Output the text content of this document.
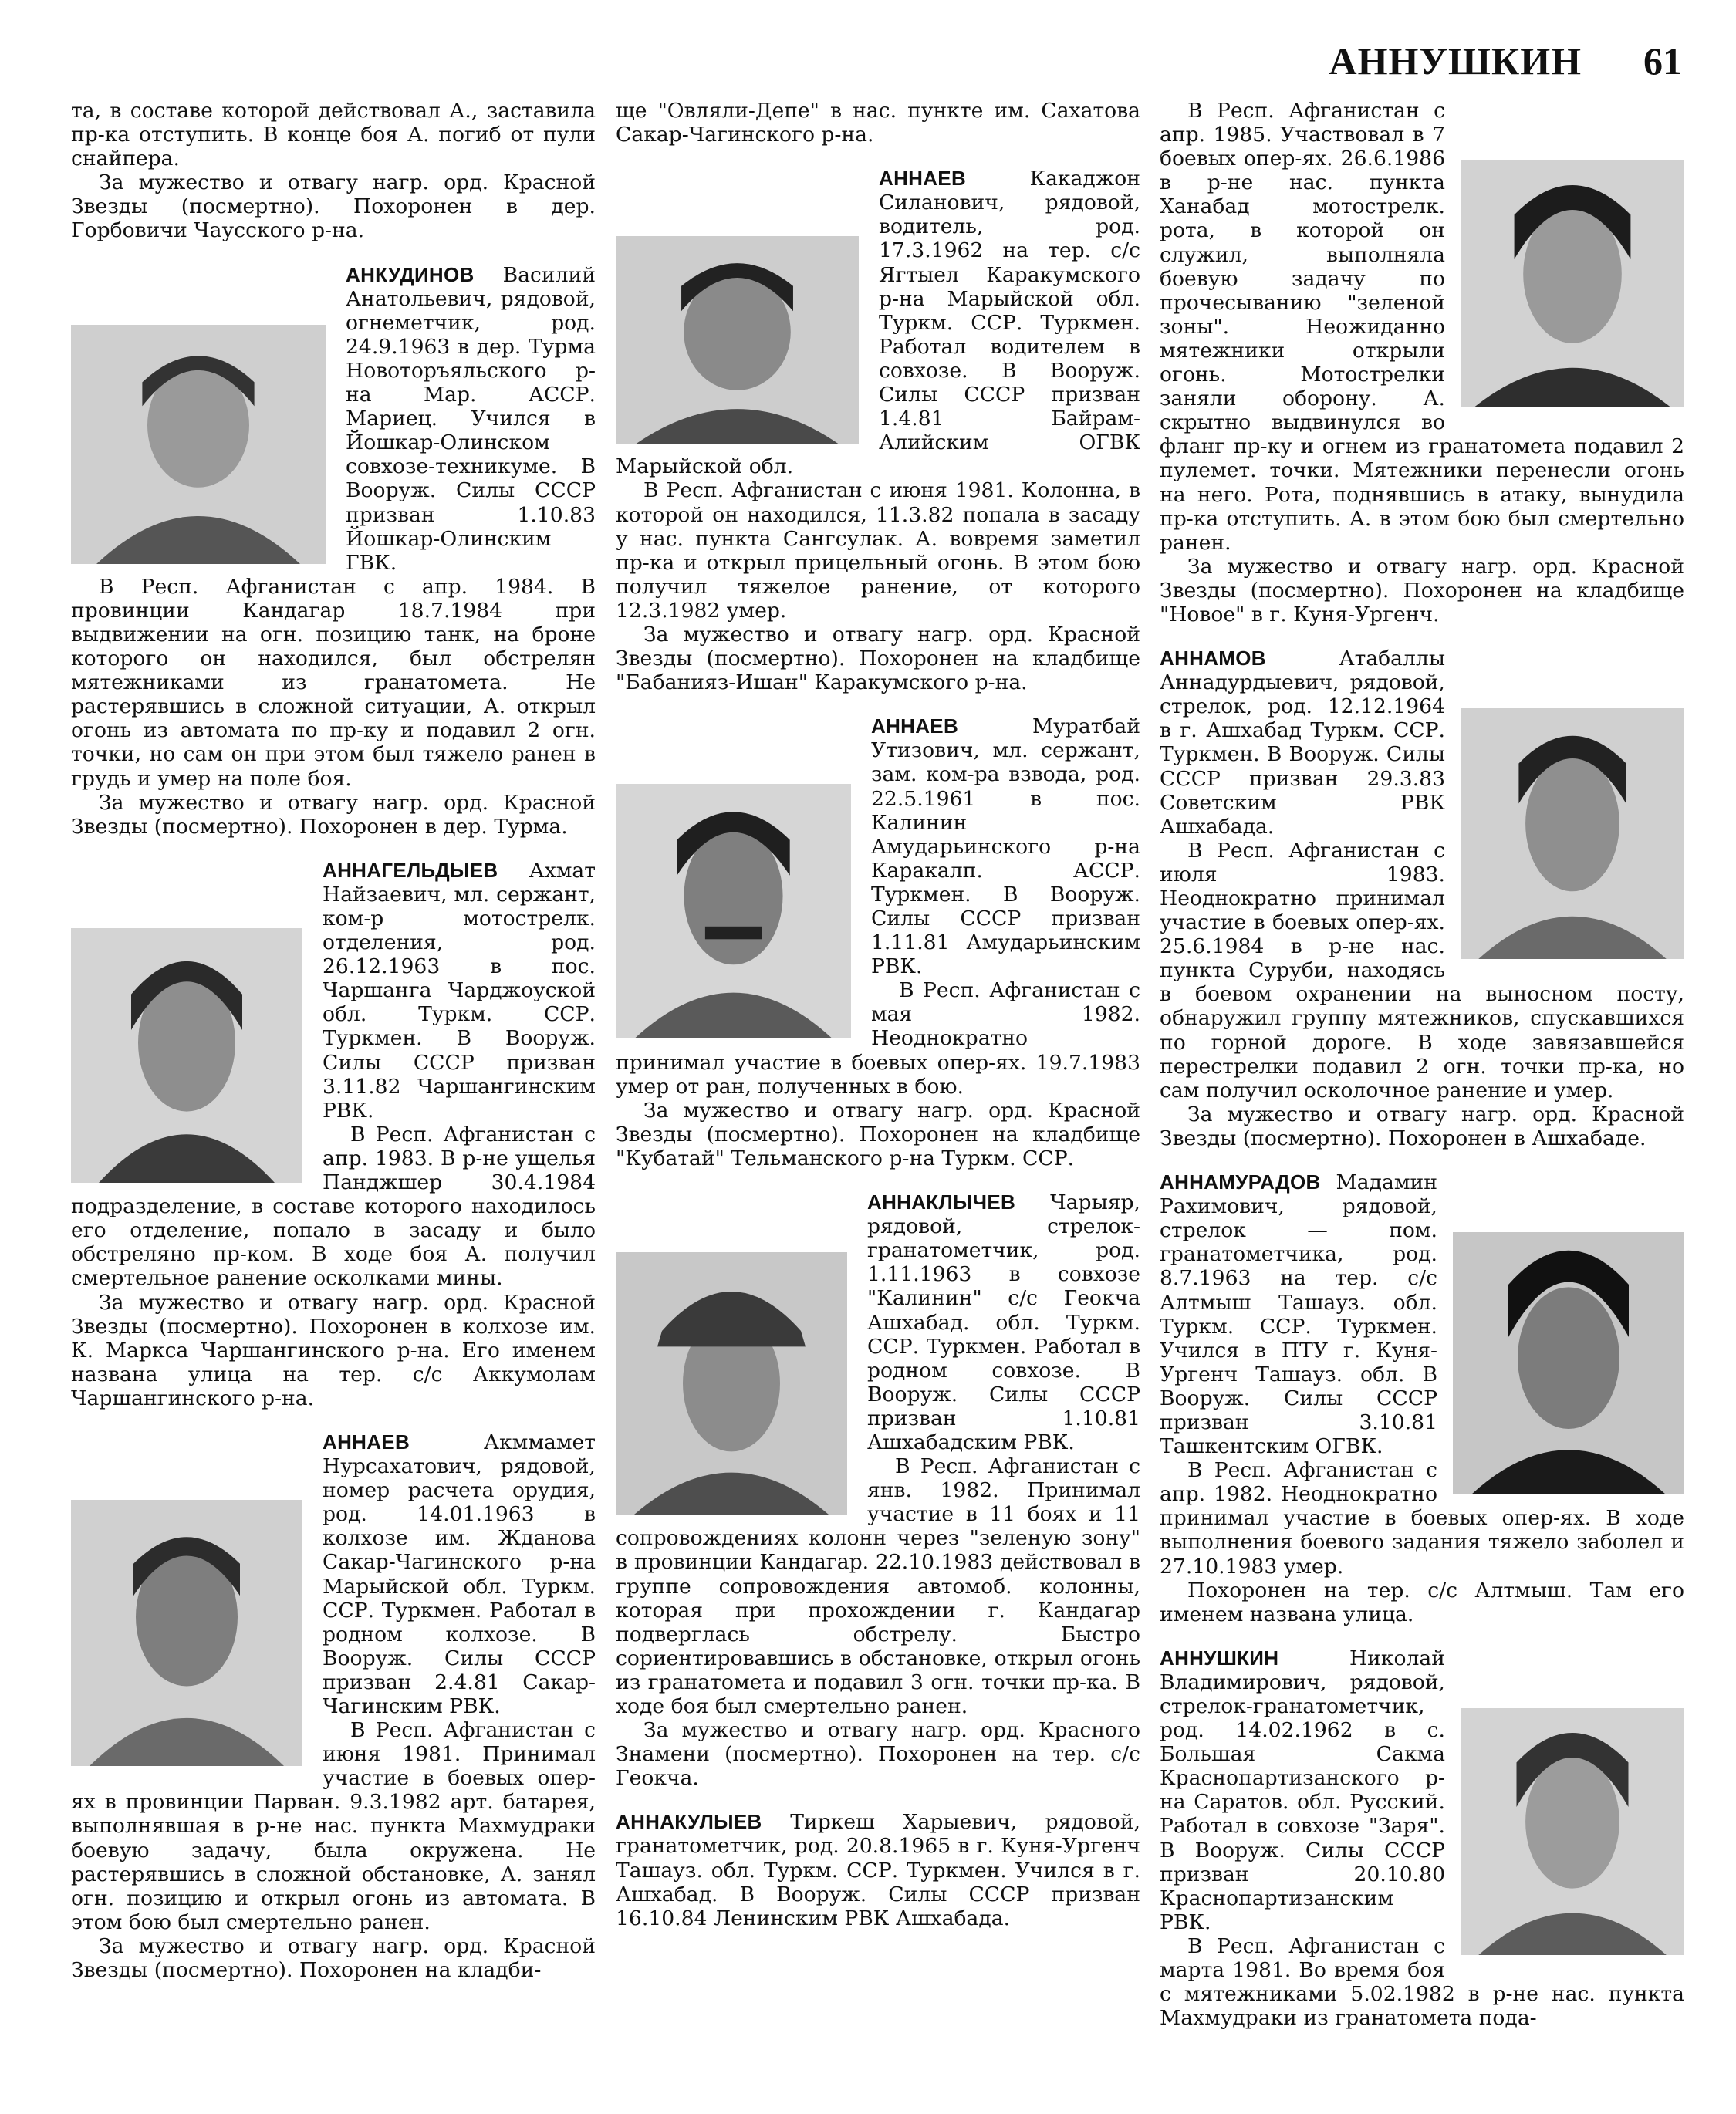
АННУШКИН 61

та, в составе которой действовал А., заставила пр-ка отступить. В конце боя А. погиб от пули снайпера.

За мужество и отвагу нагр. орд. Красной Звезды (посмертно). Похоронен в дер. Горбовичи Чаусского р-на.

АНКУДИНОВ Василий Анатольевич, рядовой, огнеметчик, род. 24.9.1963 в дер. Турма Новоторъяльского р-на Мар. АССР. Мариец. Учился в Йошкар-Олинском совхозе-техникуме. В Вооруж. Силы СССР призван 1.10.83 Йошкар-Олинским ГВК.

В Респ. Афганистан с апр. 1984. В провинции Кандагар 18.7.1984 при выдвижении на огн. позицию танк, на броне которого он находился, был обстрелян мятежниками из гранатомета. Не растерявшись в сложной ситуации, А. открыл огонь из автомата по пр-ку и подавил 2 огн. точки, но сам он при этом был тяжело ранен в грудь и умер на поле боя.

За мужество и отвагу нагр. орд. Красной Звезды (посмертно). Похоронен в дер. Турма.

АННАГЕЛЬДЫЕВ Ахмат Найзаевич, мл. сержант, ком-р мотострелк. отделения, род. 26.12.1963 в пос. Чаршанга Чарджоуской обл. Туркм. ССР. Туркмен. В Вооруж. Силы СССР призван 3.11.82 Чаршангинским РВК.

В Респ. Афганистан с апр. 1983. В р-не ущелья Панджшер 30.4.1984 подразделение, в составе которого находилось его отделение, попало в засаду и было обстреляно пр-ком. В ходе боя А. получил смертельное ранение осколками мины.

За мужество и отвагу нагр. орд. Красной Звезды (посмертно). Похоронен в колхозе им. К. Маркса Чаршангинского р-на. Его именем названа улица на тер. с/с Аккумолам Чаршангинского р-на.

АННАЕВ Акммамет Нурсахатович, рядовой, номер расчета орудия, род. 14.01.1963 в колхозе им. Жданова Сакар-Чагинского р-на Марыйской обл. Туркм. ССР. Туркмен. Работал в родном колхозе. В Вооруж. Силы СССР призван 2.4.81 Сакар-Чагинским РВК.

В Респ. Афганистан с июня 1981. Принимал участие в боевых опер-ях в провинции Парван. 9.3.1982 арт. батарея, выполнявшая в р-не нас. пункта Махмудраки боевую задачу, была окружена. Не растерявшись в сложной обстановке, А. занял огн. позицию и открыл огонь из автомата. В этом бою был смертельно ранен.

За мужество и отвагу нагр. орд. Красной Звезды (посмертно). Похоронен на кладби-

ще "Овляли-Депе" в нас. пункте им. Сахатова Сакар-Чагинского р-на.

АННАЕВ Какаджон Силанович, рядовой, водитель, род. 17.3.1962 на тер. с/с Ягтыел Каракумского р-на Марыйской обл. Туркм. ССР. Туркмен. Работал водителем в совхозе. В Вооруж. Силы СССР призван 1.4.81 Байрам-Алийским ОГВК Марыйской обл.

В Респ. Афганистан с июня 1981. Колонна, в которой он находился, 11.3.82 попала в засаду у нас. пункта Сангсулак. А. вовремя заметил пр-ка и открыл прицельный огонь. В этом бою получил тяжелое ранение, от которого 12.3.1982 умер.

За мужество и отвагу нагр. орд. Красной Звезды (посмертно). Похоронен на кладбище "Бабанияз-Ишан" Каракумского р-на.

АННАЕВ Муратбай Утизович, мл. сержант, зам. ком-ра взвода, род. 22.5.1961 в пос. Калинин Амударьинского р-на Каракалп. АССР. Туркмен. В Вооруж. Силы СССР призван 1.11.81 Амударьинским РВК.

В Респ. Афганистан с мая 1982. Неоднократно принимал участие в боевых опер-ях. 19.7.1983 умер от ран, полученных в бою.

За мужество и отвагу нагр. орд. Красной Звезды (посмертно). Похоронен на кладбище "Кубатай" Тельманского р-на Туркм. ССР.

АННАКЛЫЧЕВ Чарыяр, рядовой, стрелок-гранатометчик, род. 1.11.1963 в совхозе "Калинин" с/с Геокча Ашхабад. обл. Туркм. ССР. Туркмен. Работал в родном совхозе. В Вооруж. Силы СССР призван 1.10.81 Ашхабадским РВК.

В Респ. Афганистан с янв. 1982. Принимал участие в 11 боях и 11 сопровождениях колонн через "зеленую зону" в провинции Кандагар. 22.10.1983 действовал в группе сопровождения автомоб. колонны, которая при прохождении г. Кандагар подверглась обстрелу. Быстро сориентировавшись в обстановке, открыл огонь из гранатомета и подавил 3 огн. точки пр-ка. В ходе боя был смертельно ранен.

За мужество и отвагу нагр. орд. Красного Знамени (посмертно). Похоронен на тер. с/с Геокча.

АННАКУЛЫЕВ Тиркеш Харыевич, рядовой, гранатометчик, род. 20.8.1965 в г. Куня-Ургенч Ташауз. обл. Туркм. ССР. Туркмен. Учился в г. Ашхабад. В Вооруж. Силы СССР призван 16.10.84 Ленинским РВК Ашхабада.

В Респ. Афганистан с апр. 1985. Участвовал в 7 боевых опер-ях. 26.6.1986 в р-не нас. пункта Ханабад мотострелк. рота, в которой он служил, выполняла боевую задачу по прочесыванию "зеленой зоны". Неожиданно мятежники открыли огонь. Мотострелки заняли оборону. А. скрытно выдвинулся во фланг пр-ку и огнем из гранатомета подавил 2 пулемет. точки. Мятежники перенесли огонь на него. Рота, поднявшись в атаку, вынудила пр-ка отступить. А. в этом бою был смертельно ранен.

За мужество и отвагу нагр. орд. Красной Звезды (посмертно). Похоронен на кладбище "Новое" в г. Куня-Ургенч.

АННАМОВ Атабаллы Аннадурдыевич, рядовой, стрелок, род. 12.12.1964 в г. Ашхабад Туркм. ССР. Туркмен. В Вооруж. Силы СССР призван 29.3.83 Советским РВК Ашхабада.

В Респ. Афганистан с июля 1983. Неоднократно принимал участие в боевых опер-ях. 25.6.1984 в р-не нас. пункта Суруби, находясь в боевом охранении на выносном посту, обнаружил группу мятежников, спускавшихся по горной дороге. В ходе завязавшейся перестрелки подавил 2 огн. точки пр-ка, но сам получил осколочное ранение и умер.

За мужество и отвагу нагр. орд. Красной Звезды (посмертно). Похоронен в Ашхабаде.

АННАМУРАДОВ Мадамин Рахимович, рядовой, стрелок — пом. гранатометчика, род. 8.7.1963 на тер. с/с Алтмыш Ташауз. обл. Туркм. ССР. Туркмен. Учился в ПТУ г. Куня-Ургенч Ташауз. обл. В Вооруж. Силы СССР призван 3.10.81 Ташкентским ОГВК.

В Респ. Афганистан с апр. 1982. Неоднократно принимал участие в боевых опер-ях. В ходе выполнения боевого задания тяжело заболел и 27.10.1983 умер.

Похоронен на тер. с/с Алтмыш. Там его именем названа улица.

АННУШКИН Николай Владимирович, рядовой, стрелок-гранатометчик, род. 14.02.1962 в с. Большая Сакма Краснопартизанского р-на Саратов. обл. Русский. Работал в совхозе "Заря". В Вооруж. Силы СССР призван 20.10.80 Краснопартизанским РВК.

В Респ. Афганистан с марта 1981. Во время боя с мятежниками 5.02.1982 в р-не нас. пункта Махмудраки из гранатомета пода-
